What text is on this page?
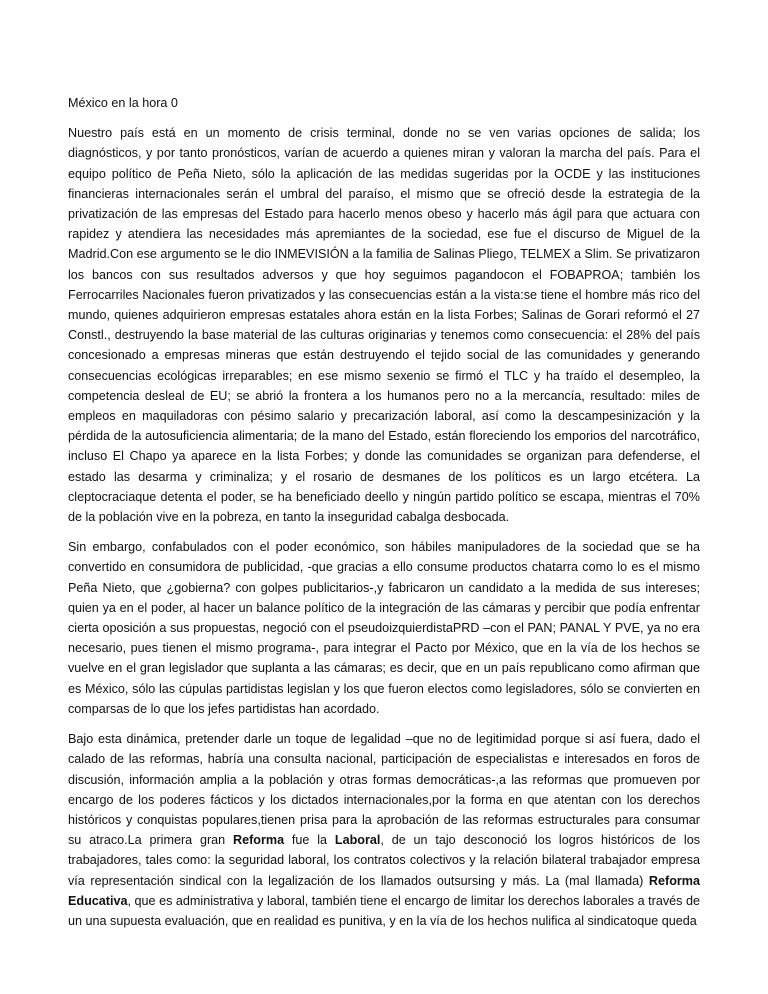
México en la hora 0

Nuestro país está en un momento de crisis terminal, donde no se ven varias opciones de salida; los diagnósticos, y por tanto pronósticos, varían de acuerdo a quienes miran y valoran la marcha del país. Para el equipo político de Peña Nieto, sólo la aplicación de las medidas sugeridas por la OCDE y las instituciones financieras internacionales serán el umbral del paraíso, el mismo que se ofreció desde la estrategia de la privatización de las empresas del Estado para hacerlo menos obeso y hacerlo más ágil para que actuara con rapidez y atendiera las necesidades más apremiantes de la sociedad, ese fue el discurso de Miguel de la Madrid.Con ese argumento se le dio INMEVISIÓN a la familia de Salinas Pliego, TELMEX a Slim. Se privatizaron los bancos con sus resultados adversos y que hoy seguimos pagandocon el FOBAPROA; también los Ferrocarriles Nacionales fueron privatizados y las consecuencias están a la vista:se tiene el hombre más rico del mundo, quienes adquirieron empresas estatales ahora están en la lista Forbes; Salinas de Gorari reformó el 27 Constl., destruyendo la base material de las culturas originarias y tenemos como consecuencia: el 28% del país concesionado a empresas mineras que están destruyendo el tejido social de las comunidades y generando consecuencias ecológicas irreparables; en ese mismo sexenio se firmó el TLC y ha traído el desempleo, la competencia desleal de EU; se abrió la frontera a los humanos pero no a la mercancía, resultado: miles de empleos en maquiladoras con pésimo salario y precarización laboral, así como la descampesinización y la pérdida de la autosuficiencia alimentaria; de la mano del Estado, están floreciendo los emporios del narcotráfico, incluso El Chapo ya aparece en la lista Forbes; y donde las comunidades se organizan para defenderse, el estado las desarma y criminaliza; y el rosario de desmanes de los políticos es un largo etcétera. La cleptocraciaque detenta el poder, se ha beneficiado deello y ningún partido político se escapa, mientras el 70% de la población vive en la pobreza, en tanto la inseguridad cabalga desbocada.

Sin embargo, confabulados con el poder económico, son hábiles manipuladores de la sociedad que se ha convertido en consumidora de publicidad, -que gracias a ello consume productos chatarra como lo es el mismo Peña Nieto, que ¿gobierna? con golpes publicitarios-,y fabricaron un candidato a la medida de sus intereses; quien ya en el poder, al hacer un balance político de la integración de las cámaras y percibir que podía enfrentar cierta oposición a sus propuestas, negoció con el pseudoizquierdistaPRD –con el PAN; PANAL Y PVE, ya no era necesario, pues tienen el mismo programa-, para integrar el Pacto por México, que en la vía de los hechos se vuelve en el gran legislador que suplanta a las cámaras; es decir, que en un país republicano como afirman que es México, sólo las cúpulas partidistas legislan y los que fueron electos como legisladores, sólo se convierten en comparsas de lo que los jefes partidistas han acordado.

Bajo esta dinámica, pretender darle un toque de legalidad –que no de legitimidad porque si así fuera, dado el calado de las reformas, habría una consulta nacional, participación de especialistas e interesados en foros de discusión, información amplia a la población y otras formas democráticas-,a las reformas que promueven por encargo de los poderes fácticos y los dictados internacionales,por la forma en que atentan con los derechos históricos y conquistas populares,tienen prisa para la aprobación de las reformas estructurales para consumar su atraco.La primera gran Reforma fue la Laboral, de un tajo desconoció los logros históricos de los trabajadores, tales como: la seguridad laboral, los contratos colectivos y la relación bilateral trabajador empresa vía representación sindical con la legalización de los llamados outsursing y más. La (mal llamada) Reforma Educativa, que es administrativa y laboral, también tiene el encargo de limitar los derechos laborales a través de un una supuesta evaluación, que en realidad es punitiva, y en la vía de los hechos nulifica al sindicatoque queda
